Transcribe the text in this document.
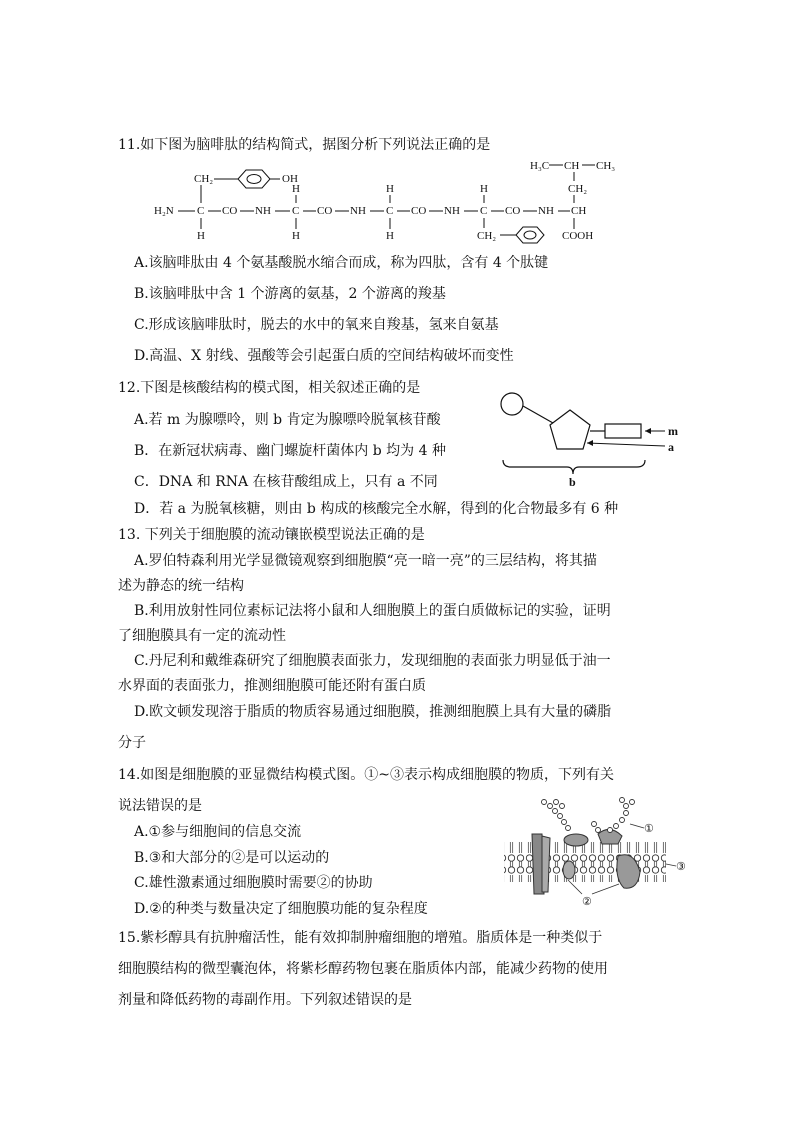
11.如下图为脑啡肽的结构简式，据图分析下列说法正确的是
H₂N C CO NH C CO NH C CO NH C CO NH CH
CH₂	OH
H
H
H
H
H
H
CH₂
H₃C CH CH₃
CH₂
COOH
A.该脑啡肽由 4 个氨基酸脱水缩合而成，称为四肽，含有 4 个肽键
B.该脑啡肽中含 1 个游离的氨基，2 个游离的羧基
C.形成该脑啡肽时，脱去的水中的氧来自羧基，氢来自氨基
D.高温、X 射线、强酸等会引起蛋白质的空间结构破坏而变性
12.下图是核酸结构的模式图，相关叙述正确的是
m
a
b
A.若 m 为腺嘌呤，则 b 肯定为腺嘌呤脱氧核苷酸
B．在新冠状病毒、幽门螺旋杆菌体内 b 均为 4 种
C．DNA 和 RNA 在核苷酸组成上，只有 a 不同
D．若 a 为脱氧核糖，则由 b 构成的核酸完全水解，得到的化合物最多有 6 种
13. 下列关于细胞膜的流动镶嵌模型说法正确的是
A.罗伯特森利用光学显微镜观察到细胞膜“亮一暗一亮”的三层结构，将其描
述为静态的统一结构
B.利用放射性同位素标记法将小鼠和人细胞膜上的蛋白质做标记的实验，证明
了细胞膜具有一定的流动性
C.丹尼利和戴维森研究了细胞膜表面张力，发现细胞的表面张力明显低于油一
水界面的表面张力，推测细胞膜可能还附有蛋白质
D.欧文顿发现溶于脂质的物质容易通过细胞膜，推测细胞膜上具有大量的磷脂
分子
14.如图是细胞膜的亚显微结构模式图。①~③表示构成细胞膜的物质，下列有关
说法错误的是
①
③
②
A.①参与细胞间的信息交流
B.③和大部分的②是可以运动的
C.雄性激素通过细胞膜时需要②的协助
D.②的种类与数量决定了细胞膜功能的复杂程度
15.紫杉醇具有抗肿瘤活性，能有效抑制肿瘤细胞的增殖。脂质体是一种类似于
细胞膜结构的微型囊泡体，将紫杉醇药物包裹在脂质体内部，能减少药物的使用
剂量和降低药物的毒副作用。下列叙述错误的是
